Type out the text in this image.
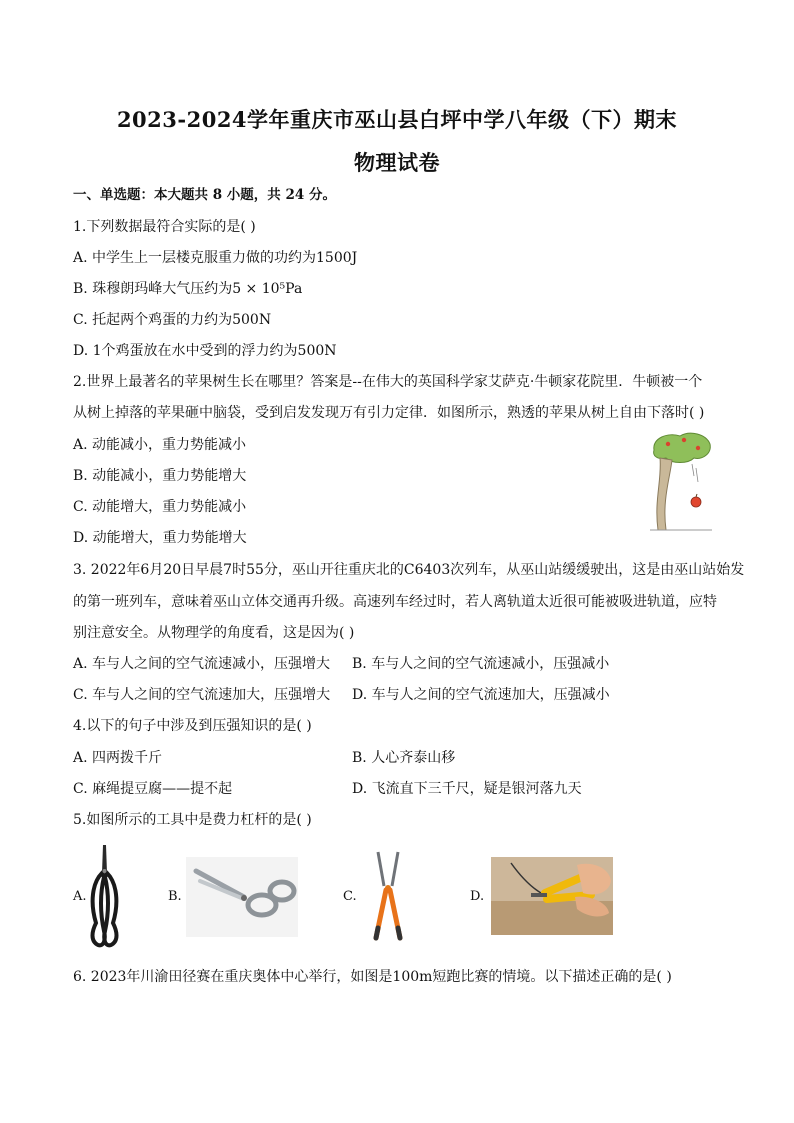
2023-2024学年重庆市巫山县白坪中学八年级（下）期末
物理试卷
一、单选题：本大题共 8 小题，共 24 分。
1.下列数据最符合实际的是( )
A. 中学生上一层楼克服重力做的功约为1500J
B. 珠穆朗玛峰大气压约为5 × 10⁵Pa
C. 托起两个鸡蛋的力约为500N
D. 1个鸡蛋放在水中受到的浮力约为500N
2.世界上最著名的苹果树生长在哪里？答案是--在伟大的英国科学家艾萨克·牛顿家花院里．牛顿被一个
从树上掉落的苹果砸中脑袋，受到启发发现万有引力定律．如图所示，熟透的苹果从树上自由下落时( )
A. 动能减小，重力势能减小
B. 动能减小，重力势能增大
C. 动能增大，重力势能减小
D. 动能增大，重力势能增大
3. 2022年6月20日早晨7时55分，巫山开往重庆北的C6403次列车，从巫山站缓缓驶出，这是由巫山站始发
的第一班列车，意味着巫山立体交通再升级。高速列车经过时，若人离轨道太近很可能被吸进轨道，应特
别注意安全。从物理学的角度看，这是因为( )
A. 车与人之间的空气流速减小，压强增大 B. 车与人之间的空气流速减小，压强减小
C. 车与人之间的空气流速加大，压强增大 D. 车与人之间的空气流速加大，压强减小
4.以下的句子中涉及到压强知识的是( )
A. 四两拨千斤	B. 人心齐泰山移
C. 麻绳提豆腐——提不起	D. 飞流直下三千尺，疑是银河落九天
5.如图所示的工具中是费力杠杆的是( )
A.	B.	C.	D.
6. 2023年川渝田径赛在重庆奥体中心举行，如图是100m短跑比赛的情境。以下描述正确的是( )
